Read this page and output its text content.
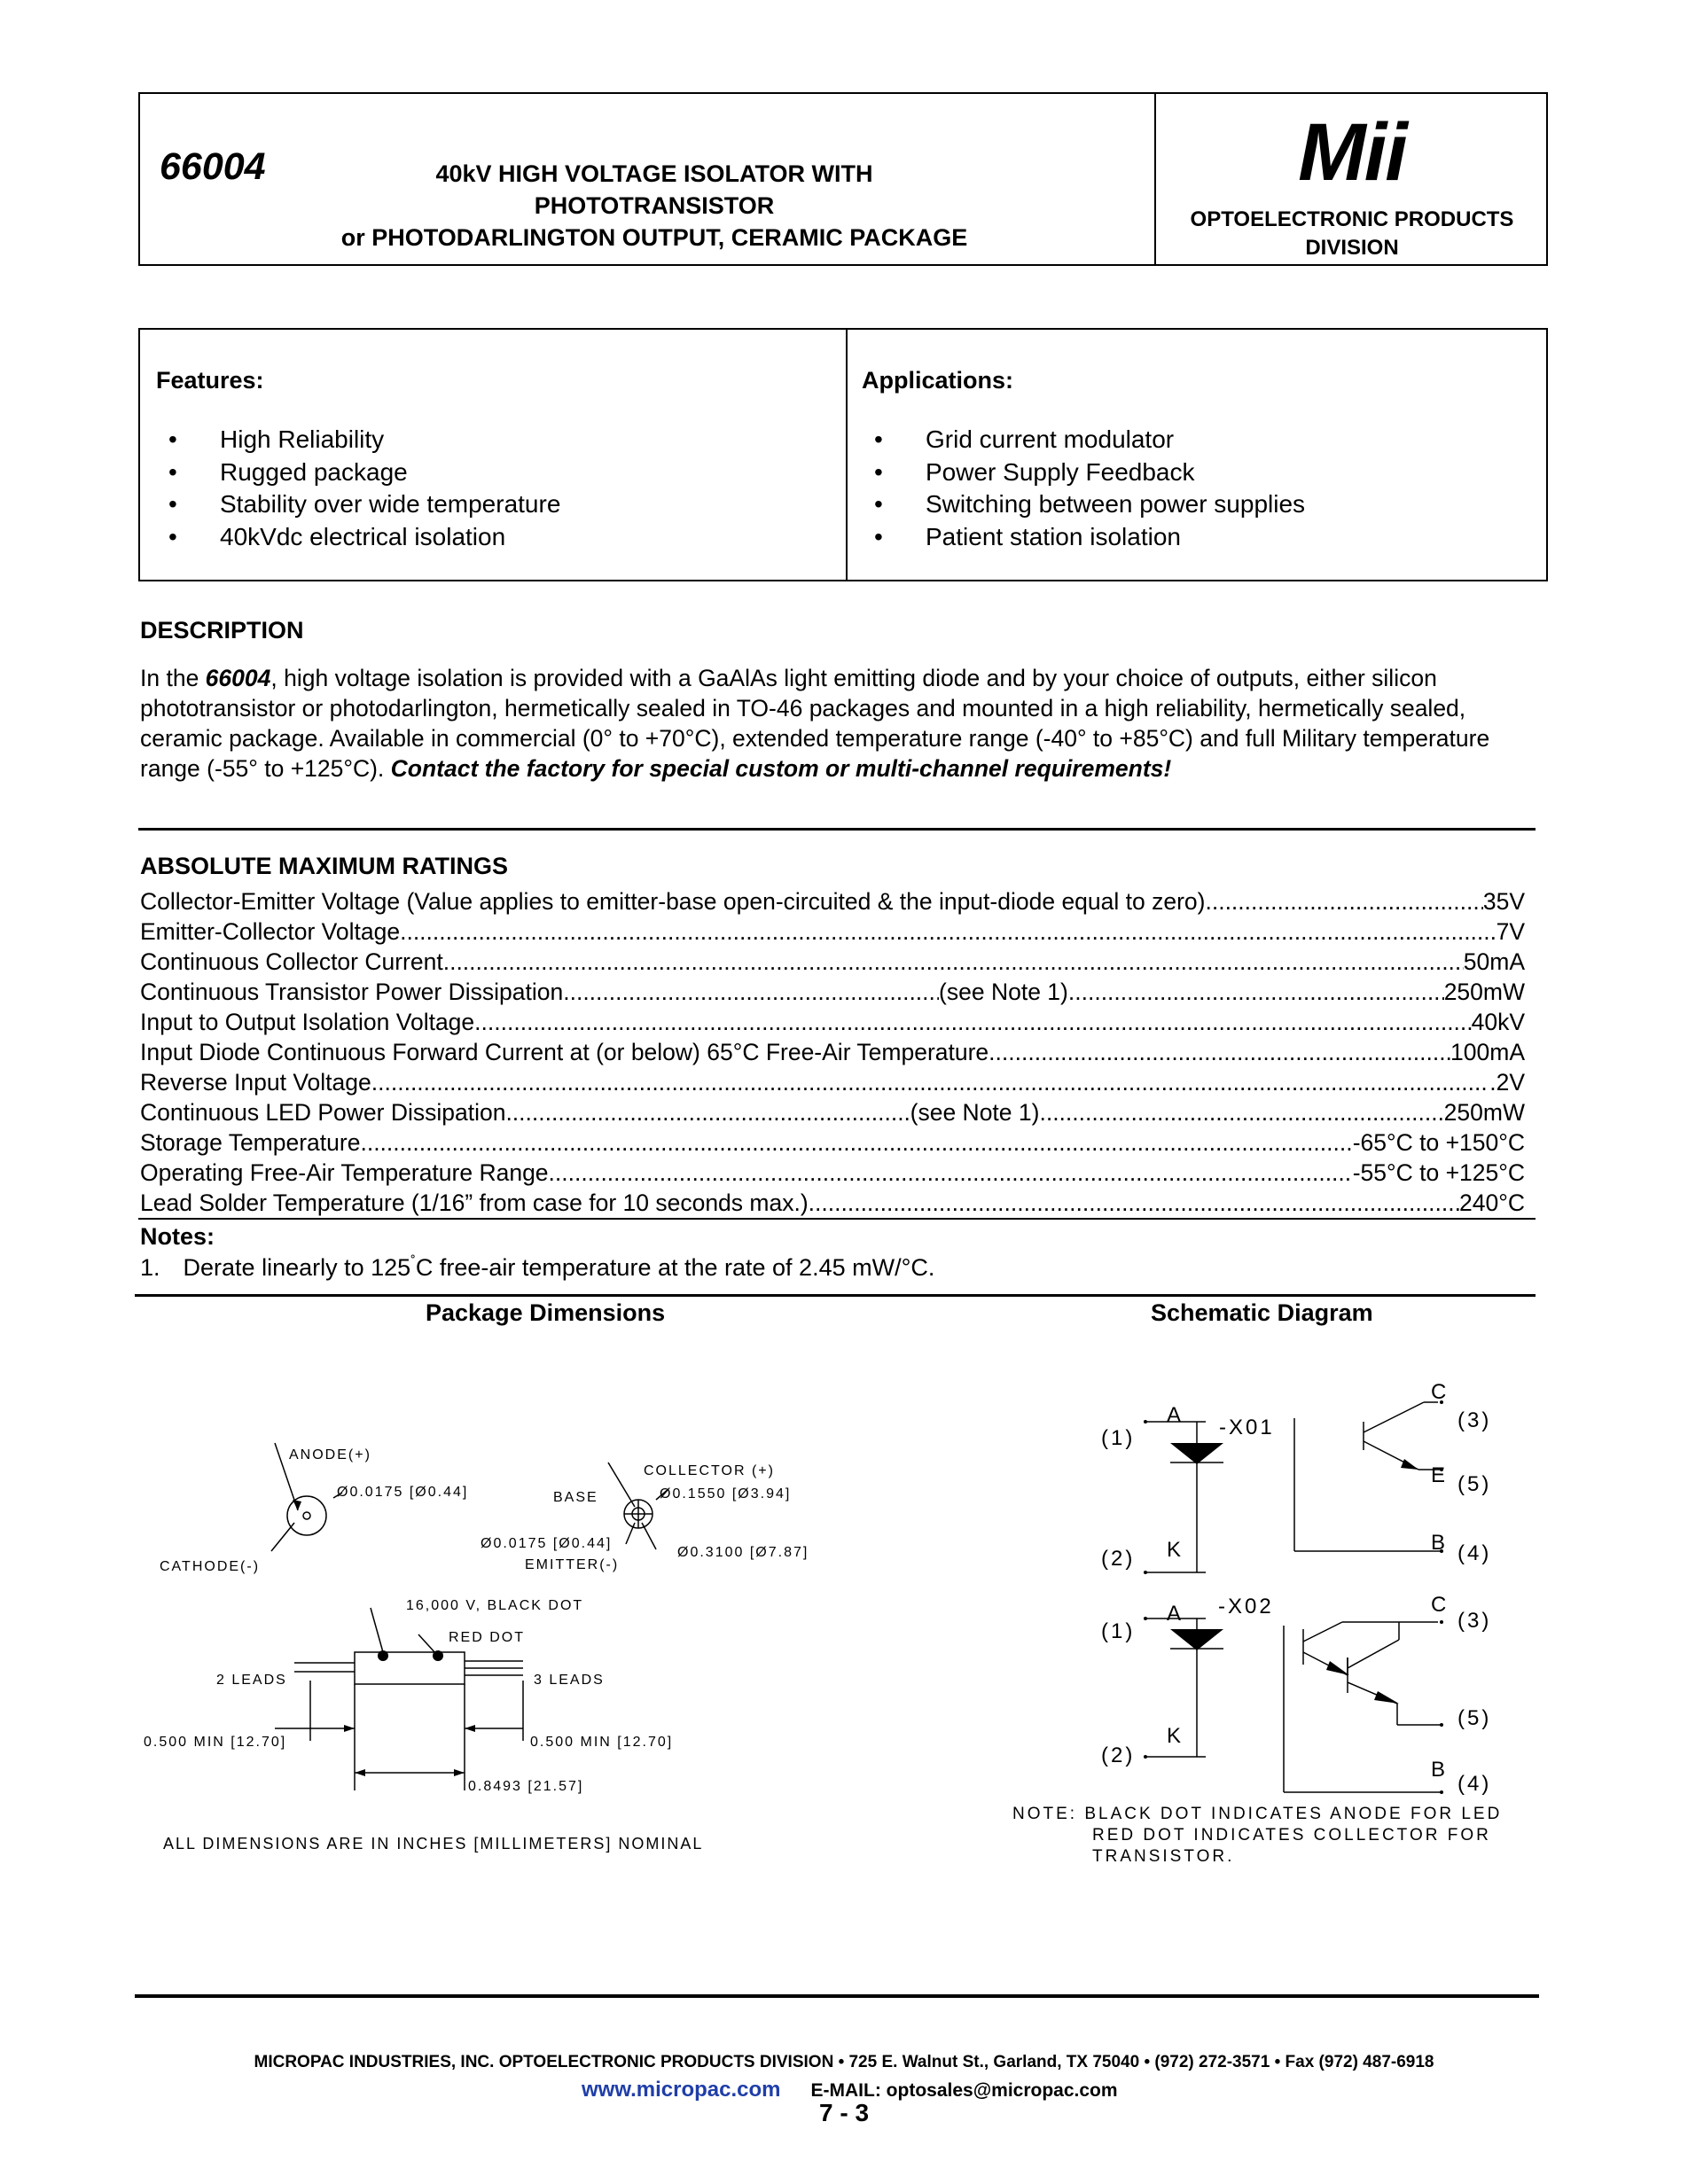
66004	40kV HIGH VOLTAGE ISOLATOR WITH PHOTOTRANSISTOR
or PHOTODARLINGTON OUTPUT, CERAMIC PACKAGE
Mii
OPTOELECTRONIC PRODUCTS
DIVISION
Features:
• High Reliability
• Rugged package
• Stability over wide temperature
• 40kVdc electrical isolation
Applications:
• Grid current modulator
• Power Supply Feedback
• Switching between power supplies
• Patient station isolation
DESCRIPTION
In the 66004, high voltage isolation is provided with a GaAlAs light emitting diode and by your choice of outputs, either silicon phototransistor or photodarlington, hermetically sealed in TO-46 packages and mounted in a high reliability, hermetically sealed, ceramic package. Available in commercial (0° to +70°C), extended temperature range (-40° to +85°C) and full Military temperature range (-55° to +125°C). Contact the factory for special custom or multi-channel requirements!
ABSOLUTE MAXIMUM RATINGS
Collector-Emitter Voltage (Value applies to emitter-base open-circuited & the input-diode equal to zero) .....	35V
Emitter-Collector Voltage .....	7V
Continuous Collector Current .....	50mA
Continuous Transistor Power Dissipation .....	(see Note 1) .....	250mW
Input to Output Isolation Voltage .....	40kV
Input Diode Continuous Forward Current at (or below) 65°C Free-Air Temperature .....	100mA
Reverse Input Voltage .....	.2V
Continuous LED Power Dissipation .....	(see Note 1) .....	250mW
Storage Temperature .....	-65°C to +150°C
Operating Free-Air Temperature Range .....	-55°C to +125°C
Lead Solder Temperature (1/16” from case for 10 seconds max.) .....	240°C
Notes:
1. Derate linearly to 125˚C free-air temperature at the rate of 2.45 mW/°C.
Package Dimensions	Schematic Diagram
ANODE(+)
Ø0.0175 [Ø0.44]
CATHODE(-)
COLLECTOR (+)
BASE	Ø0.1550 [Ø3.94]
Ø0.0175 [Ø0.44]
Ø0.3100 [Ø7.87]
EMITTER(-)
16,000 V, BLACK DOT
RED DOT
2 LEADS	3 LEADS
0.500 MIN [12.70]	0.500 MIN [12.70]
0.8493 [21.57]
ALL DIMENSIONS ARE IN INCHES [MILLIMETERS] NOMINAL
-X01
-X02
A
K
A
K
(1)
(2)
(1)
(2)
C
E
B
C
B
(3)
(5)
(4)
(3)
(5)
(4)
NOTE: BLACK DOT INDICATES ANODE FOR LED
RED DOT INDICATES COLLECTOR FOR
TRANSISTOR.
MICROPAC INDUSTRIES, INC. OPTOELECTRONIC PRODUCTS DIVISION • 725 E. Walnut St., Garland, TX 75040 • (972) 272-3571 • Fax (972) 487-6918
www.micropac.com E-MAIL: optosales@micropac.com
7 - 3
